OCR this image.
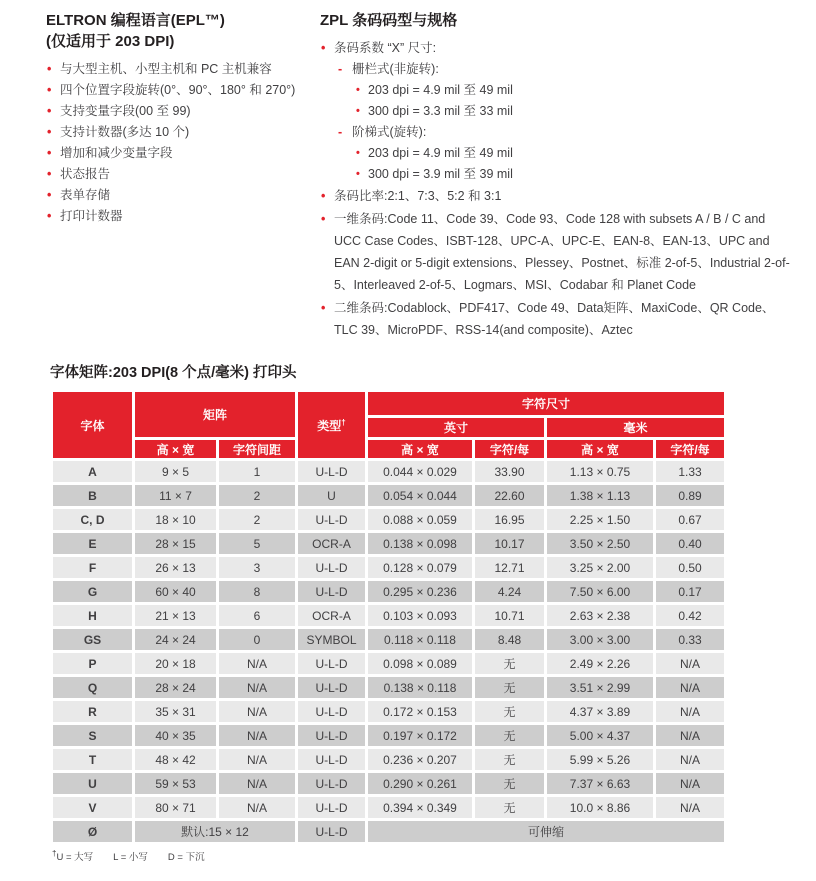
ELTRON 编程语言(EPL™)
(仅适用于 203 DPI)
• 与大型主机、小型主机和 PC 主机兼容
• 四个位置字段旋转(0°、90°、180° 和 270°)
• 支持变量字段(00 至 99)
• 支持计数器(多达 10 个)
• 增加和减少变量字段
• 状态报告
• 表单存储
• 打印计数器
ZPL 条码码型与规格
• 条码系数 “X” 尺寸:
- 栅栏式(非旋转):
• 203 dpi = 4.9 mil 至 49 mil
• 300 dpi = 3.3 mil 至 33 mil
- 阶梯式(旋转):
• 203 dpi = 4.9 mil 至 49 mil
• 300 dpi = 3.9 mil 至 39 mil
• 条码比率:2:1、7:3、5:2 和 3:1
• 一维条码:Code 11、Code 39、Code 93、Code 128 with subsets A / B / C and UCC Case Codes、ISBT-128、UPC-A、UPC-E、EAN-8、EAN-13、UPC and EAN 2-digit or 5-digit extensions、Plessey、Postnet、标准 2-of-5、Industrial 2-of-5、Interleaved 2-of-5、Logmars、MSI、Codabar 和 Planet Code
• 二维条码:Codablock、PDF417、Code 49、Data矩阵、MaxiCode、QR Code、TLC 39、MicroPDF、RSS-14(and composite)、Aztec
字体矩阵:203 DPI(8 个点/毫米) 打印头
字体	矩阵		类型†	字符尺寸			
				英寸		毫米	
	高 × 宽	字符间距		高 × 宽	字符/每	高 × 宽	字符/每
A	9 × 5	1	U-L-D	0.044 × 0.029	33.90	1.13 × 0.75	1.33
B	11 × 7	2	U	0.054 × 0.044	22.60	1.38 × 1.13	0.89
C, D	18 × 10	2	U-L-D	0.088 × 0.059	16.95	2.25 × 1.50	0.67
E	28 × 15	5	OCR-A	0.138 × 0.098	10.17	3.50 × 2.50	0.40
F	26 × 13	3	U-L-D	0.128 × 0.079	12.71	3.25 × 2.00	0.50
G	60 × 40	8	U-L-D	0.295 × 0.236	4.24	7.50 × 6.00	0.17
H	21 × 13	6	OCR-A	0.103 × 0.093	10.71	2.63 × 2.38	0.42
GS	24 × 24	0	SYMBOL	0.118 × 0.118	8.48	3.00 × 3.00	0.33
P	20 × 18	N/A	U-L-D	0.098 × 0.089	无	2.49 × 2.26	N/A
Q	28 × 24	N/A	U-L-D	0.138 × 0.118	无	3.51 × 2.99	N/A
R	35 × 31	N/A	U-L-D	0.172 × 0.153	无	4.37 × 3.89	N/A
S	40 × 35	N/A	U-L-D	0.197 × 0.172	无	5.00 × 4.37	N/A
T	48 × 42	N/A	U-L-D	0.236 × 0.207	无	5.99 × 5.26	N/A
U	59 × 53	N/A	U-L-D	0.290 × 0.261	无	7.37 × 6.63	N/A
V	80 × 71	N/A	U-L-D	0.394 × 0.349	无	10.0 × 8.86	N/A
Ø	默认:15 × 12		U-L-D	可伸缩			
†U = 大写 L = 小写 D = 下沉
